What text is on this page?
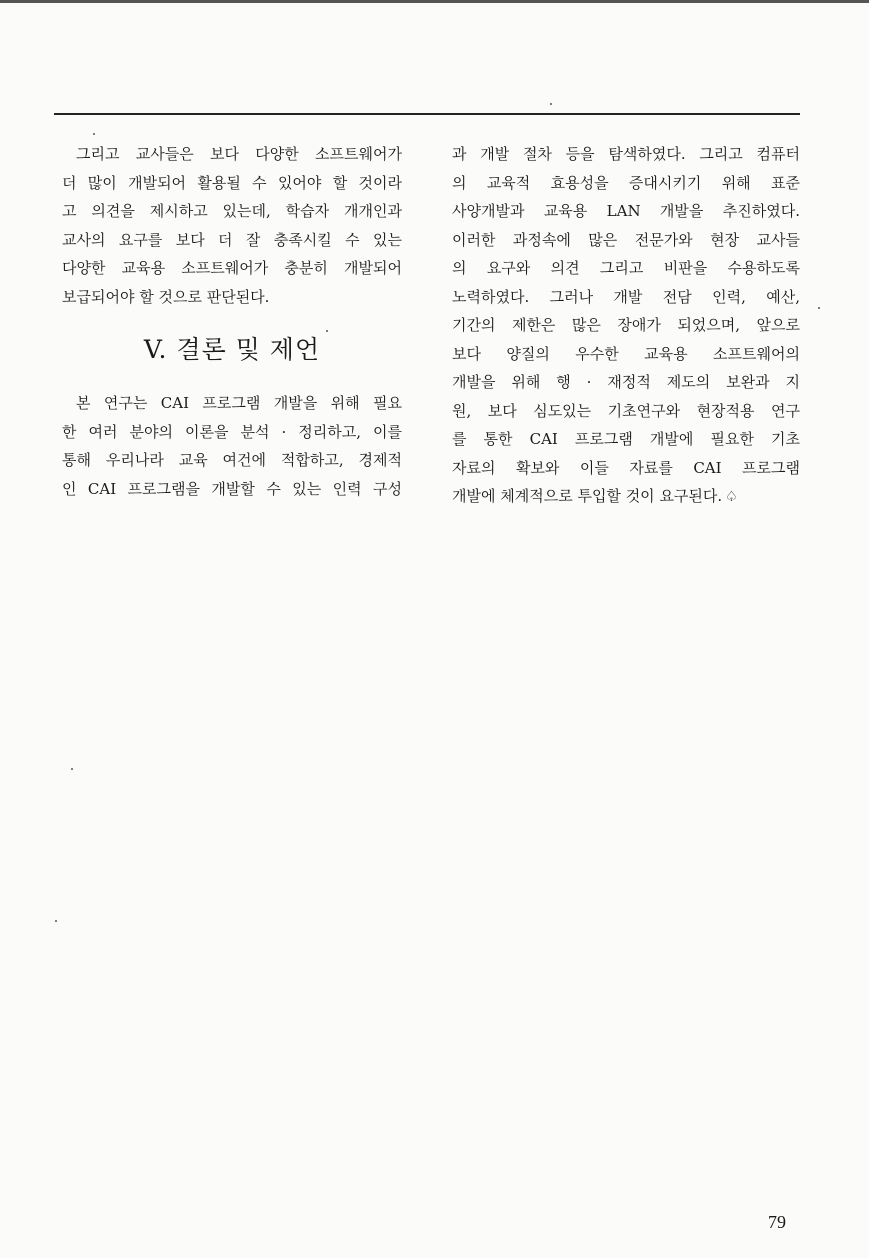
그리고 교사들은 보다 다양한 소프트웨어가
더 많이 개발되어 활용될 수 있어야 할 것이라
고 의견을 제시하고 있는데, 학습자 개개인과
교사의 요구를 보다 더 잘 충족시킬 수 있는
다양한 교육용 소프트웨어가 충분히 개발되어
보급되어야 할 것으로 판단된다.
V. 결론 및 제언
본 연구는 CAI 프로그램 개발을 위해 필요
한 여러 분야의 이론을 분석 · 정리하고, 이를
통해 우리나라 교육 여건에 적합하고, 경제적
인 CAI 프로그램을 개발할 수 있는 인력 구성
과 개발 절차 등을 탐색하였다. 그리고 컴퓨터
의 교육적 효용성을 증대시키기 위해 표준
사양개발과 교육용 LAN 개발을 추진하였다.
이러한 과정속에 많은 전문가와 현장 교사들
의 요구와 의견 그리고 비판을 수용하도록
노력하였다. 그러나 개발 전담 인력, 예산,
기간의 제한은 많은 장애가 되었으며, 앞으로
보다 양질의 우수한 교육용 소프트웨어의
개발을 위해 행 · 재정적 제도의 보완과 지
원, 보다 심도있는 기초연구와 현장적용 연구
를 통한 CAI 프로그램 개발에 필요한 기초
자료의 확보와 이들 자료를 CAI 프로그램
개발에 체계적으로 투입할 것이 요구된다. ♤
79
